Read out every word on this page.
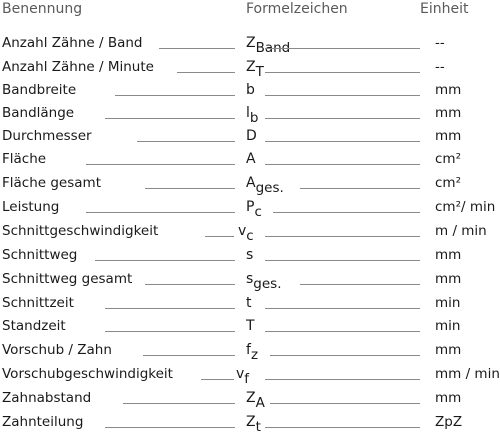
Benennung	Formelzeichen	Einheit
Anzahl Zähne / Band	ZBand	--
Anzahl Zähne / Minute	ZT	--
Bandbreite	b	mm
Bandlänge	lb	mm
Durchmesser	D	mm
Fläche	A	cm²
Fläche gesamt	Ages.	cm²
Leistung	Pc	cm²/ min
Schnittgeschwindigkeit	vc	m / min
Schnittweg	s	mm
Schnittweg gesamt	sges.	mm
Schnittzeit	t	min
Standzeit	T	min
Vorschub / Zahn	fz	mm
Vorschubgeschwindigkeit	vf	mm / min
Zahnabstand	ZA	mm
Zahnteilung	Zt	ZpZ
